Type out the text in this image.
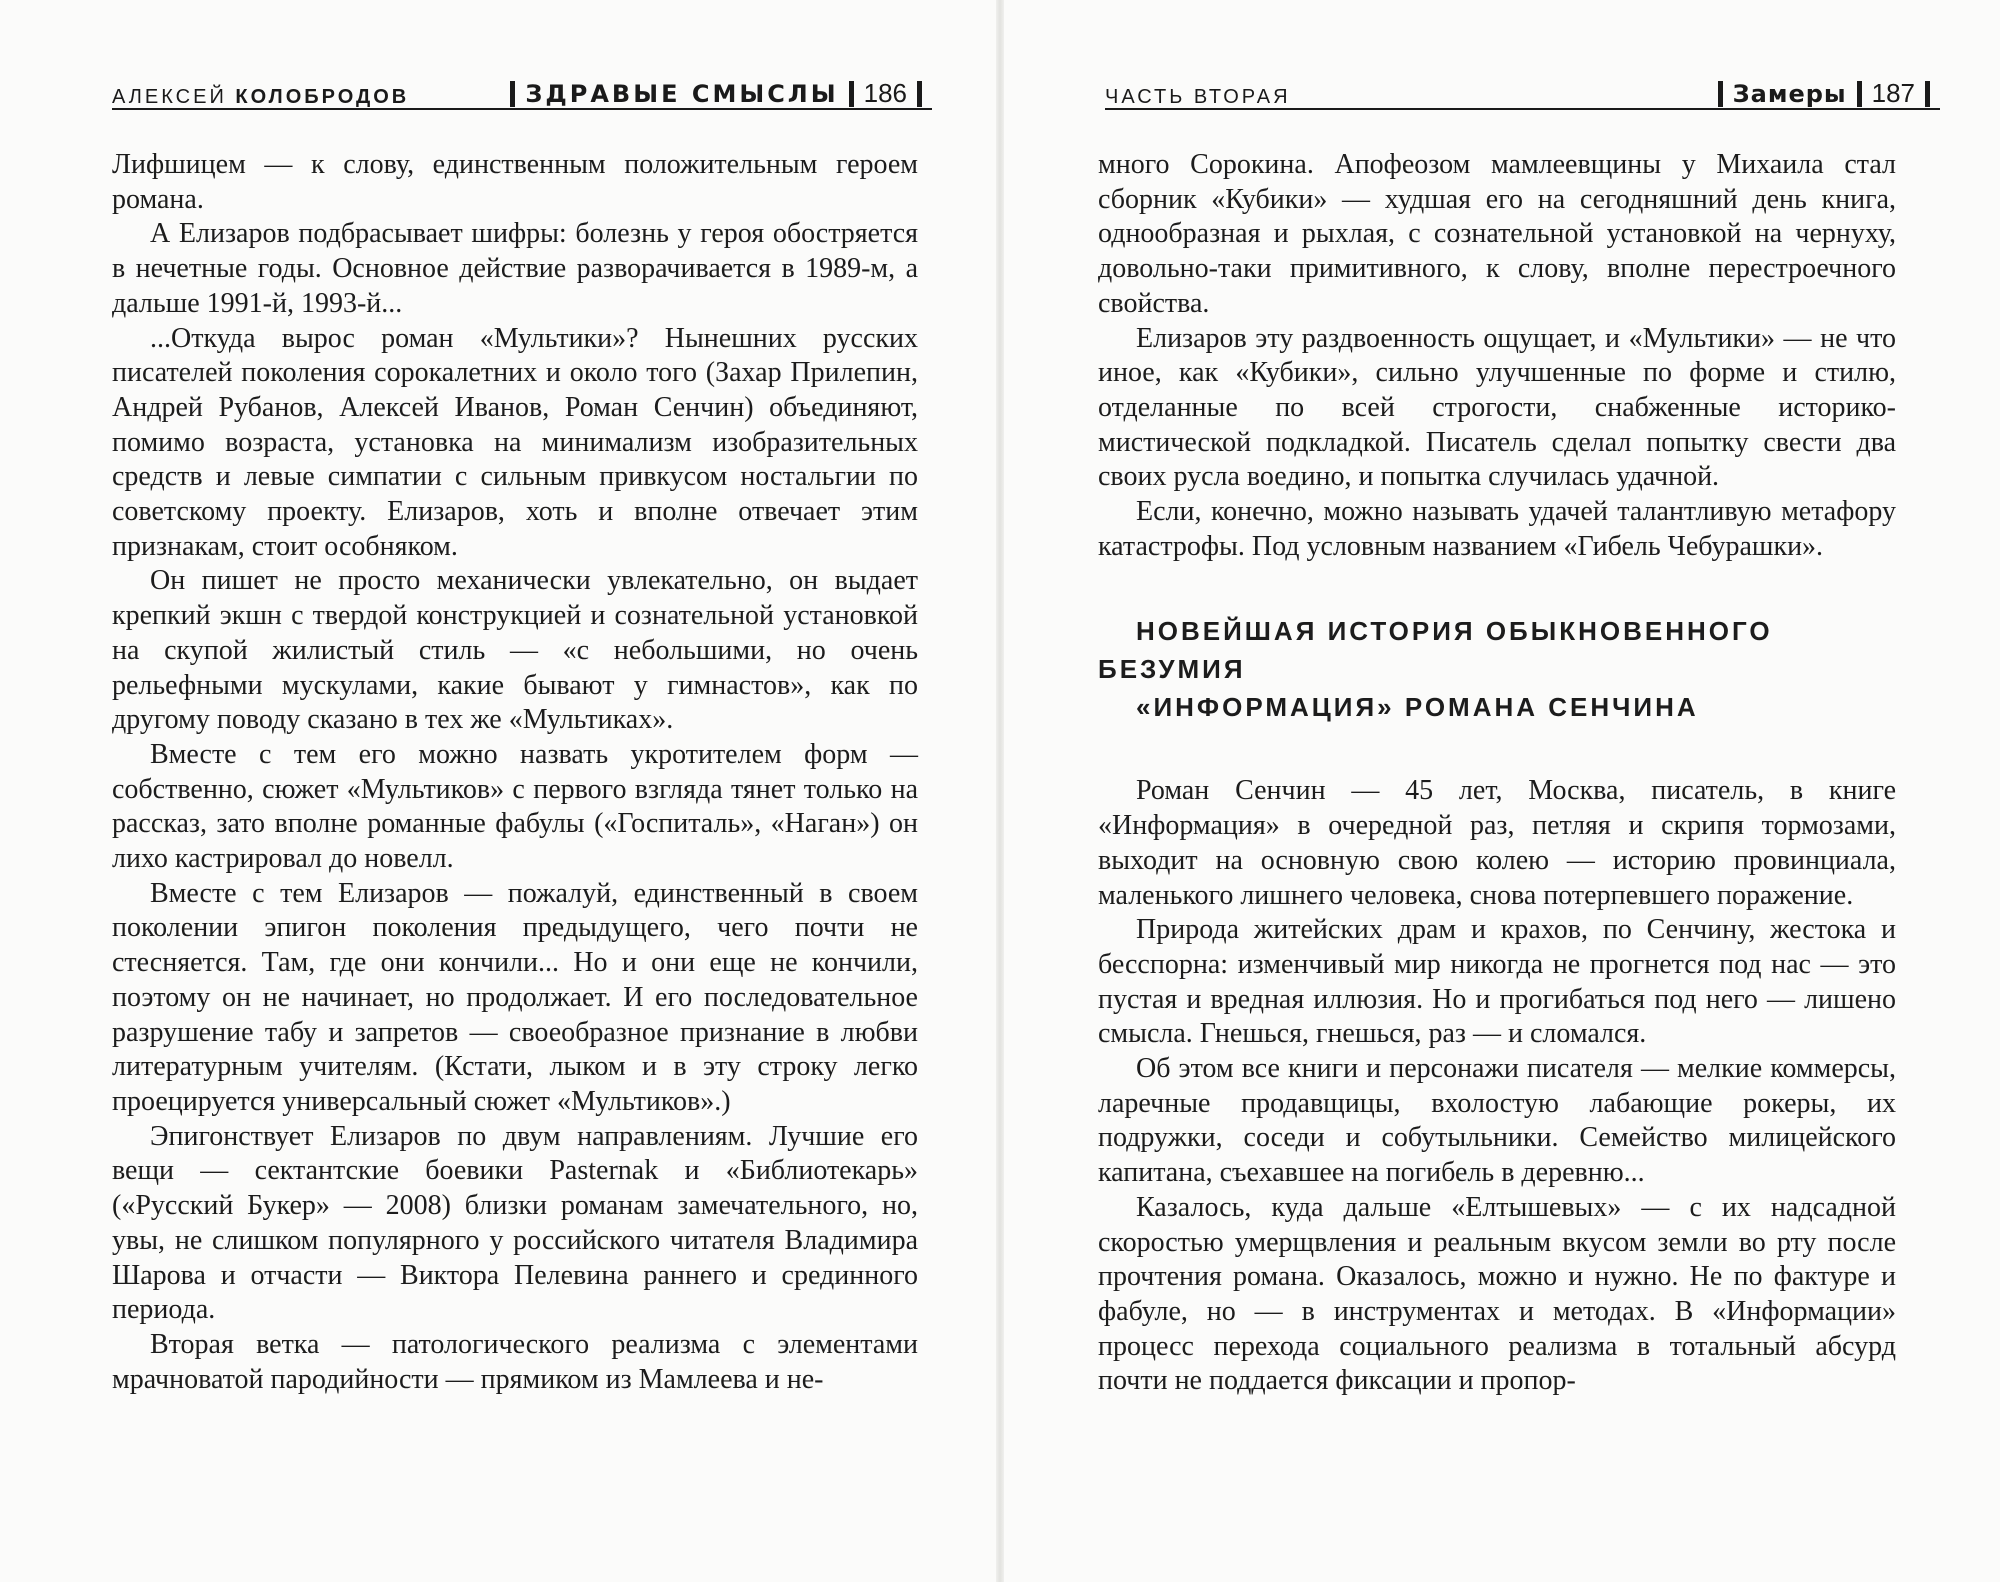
АЛЕКСЕЙ КОЛОБРОДОВ	ЗДРАВЫЕ СМЫСЛЫ 186

Лифшицем — к слову, единственным положительным героем романа.

А Елизаров подбрасывает шифры: болезнь у героя обостряется в нечетные годы. Основное действие разворачивается в 1989-м, а дальше 1991-й, 1993-й...

...Откуда вырос роман «Мультики»? Нынешних русских писателей поколения сорокалетних и около того (Захар Прилепин, Андрей Рубанов, Алексей Иванов, Роман Сенчин) объединяют, помимо возраста, установка на минимализм изобразительных средств и левые симпатии с сильным привкусом ностальгии по советскому проекту. Елизаров, хоть и вполне отвечает этим признакам, стоит особняком.

Он пишет не просто механически увлекательно, он выдает крепкий экшн с твердой конструкцией и сознательной установкой на скупой жилистый стиль — «с небольшими, но очень рельефными мускулами, какие бывают у гимнастов», как по другому поводу сказано в тех же «Мультиках».

Вместе с тем его можно назвать укротителем форм — собственно, сюжет «Мультиков» с первого взгляда тянет только на рассказ, зато вполне романные фабулы («Госпиталь», «Наган») он лихо кастрировал до новелл.

Вместе с тем Елизаров — пожалуй, единственный в своем поколении эпигон поколения предыдущего, чего почти не стесняется. Там, где они кончили... Но и они еще не кончили, поэтому он не начинает, но продолжает. И его последовательное разрушение табу и запретов — своеобразное признание в любви литературным учителям. (Кстати, лыком и в эту строку легко проецируется универсальный сюжет «Мультиков».)

Эпигонствует Елизаров по двум направлениям. Лучшие его вещи — сектантские боевики Pasternak и «Библиотекарь» («Русский Букер» — 2008) близки романам замечательного, но, увы, не слишком популярного у российского читателя Владимира Шарова и отчасти — Виктора Пелевина раннего и срединного периода.

Вторая ветка — патологического реализма с элементами мрачноватой пародийности — прямиком из Мамлеева и не-

ЧАСТЬ ВТОРАЯ	Замеры 187

много Сорокина. Апофеозом мамлеевщины у Михаила стал сборник «Кубики» — худшая его на сегодняшний день книга, однообразная и рыхлая, с сознательной установкой на чернуху, довольно-таки примитивного, к слову, вполне перестроечного свойства.

Елизаров эту раздвоенность ощущает, и «Мультики» — не что иное, как «Кубики», сильно улучшенные по форме и стилю, отделанные по всей строгости, снабженные историко-мистической подкладкой. Писатель сделал попытку свести два своих русла воедино, и попытка случилась удачной.

Если, конечно, можно называть удачей талантливую метафору катастрофы. Под условным названием «Гибель Чебурашки».

НОВЕЙШАЯ ИСТОРИЯ ОБЫКНОВЕННОГО БЕЗУМИЯ
«ИНФОРМАЦИЯ» РОМАНА СЕНЧИНА

Роман Сенчин — 45 лет, Москва, писатель, в книге «Информация» в очередной раз, петляя и скрипя тормозами, выходит на основную свою колею — историю провинциала, маленького лишнего человека, снова потерпевшего поражение.

Природа житейских драм и крахов, по Сенчину, жестока и бесспорна: изменчивый мир никогда не прогнется под нас — это пустая и вредная иллюзия. Но и прогибаться под него — лишено смысла. Гнешься, гнешься, раз — и сломался.

Об этом все книги и персонажи писателя — мелкие коммерсы, ларечные продавщицы, вхолостую лабающие рокеры, их подружки, соседи и собутыльники. Семейство милицейского капитана, съехавшее на погибель в деревню...

Казалось, куда дальше «Елтышевых» — с их надсадной скоростью умерщвления и реальным вкусом земли во рту после прочтения романа. Оказалось, можно и нужно. Не по фактуре и фабуле, но — в инструментах и методах. В «Информации» процесс перехода социального реализма в тотальный абсурд почти не поддается фиксации и пропор-
